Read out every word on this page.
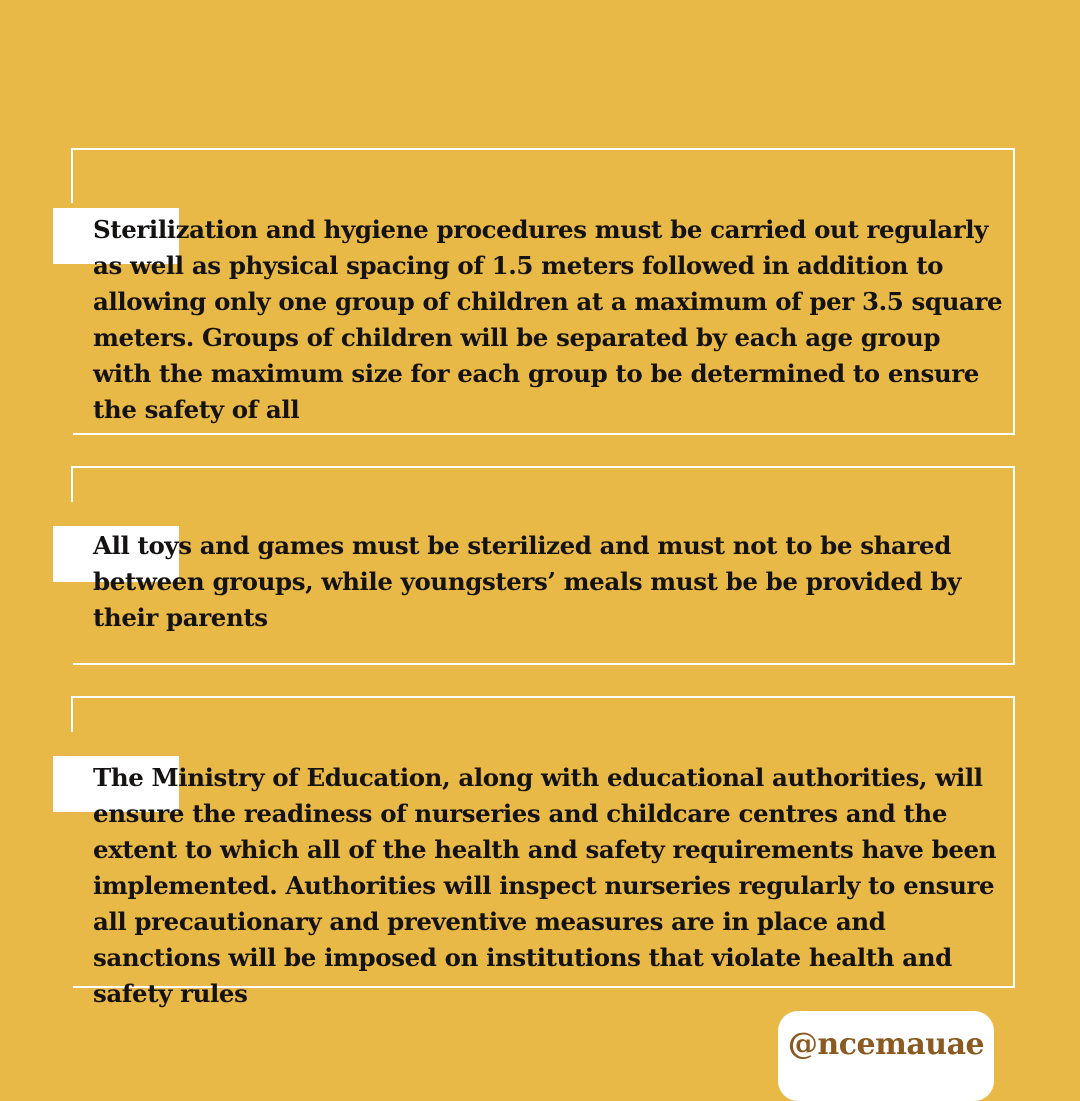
Sterilization and hygiene procedures must be carried out regularly as well as physical spacing of 1.5 meters followed in addition to allowing only one group of children at a maximum of per 3.5 square meters. Groups of children will be separated by each age group with the maximum size for each group to be determined to ensure the safety of all

All toys and games must be sterilized and must not to be shared between groups, while youngsters’ meals must be be provided by their parents

The Ministry of Education, along with educational authorities, will ensure the readiness of nurseries and childcare centres and the extent to which all of the health and safety requirements have been implemented. Authorities will inspect nurseries regularly to ensure all precautionary and preventive measures are in place and sanctions will be imposed on institutions that violate health and safety rules

@ncemauae
